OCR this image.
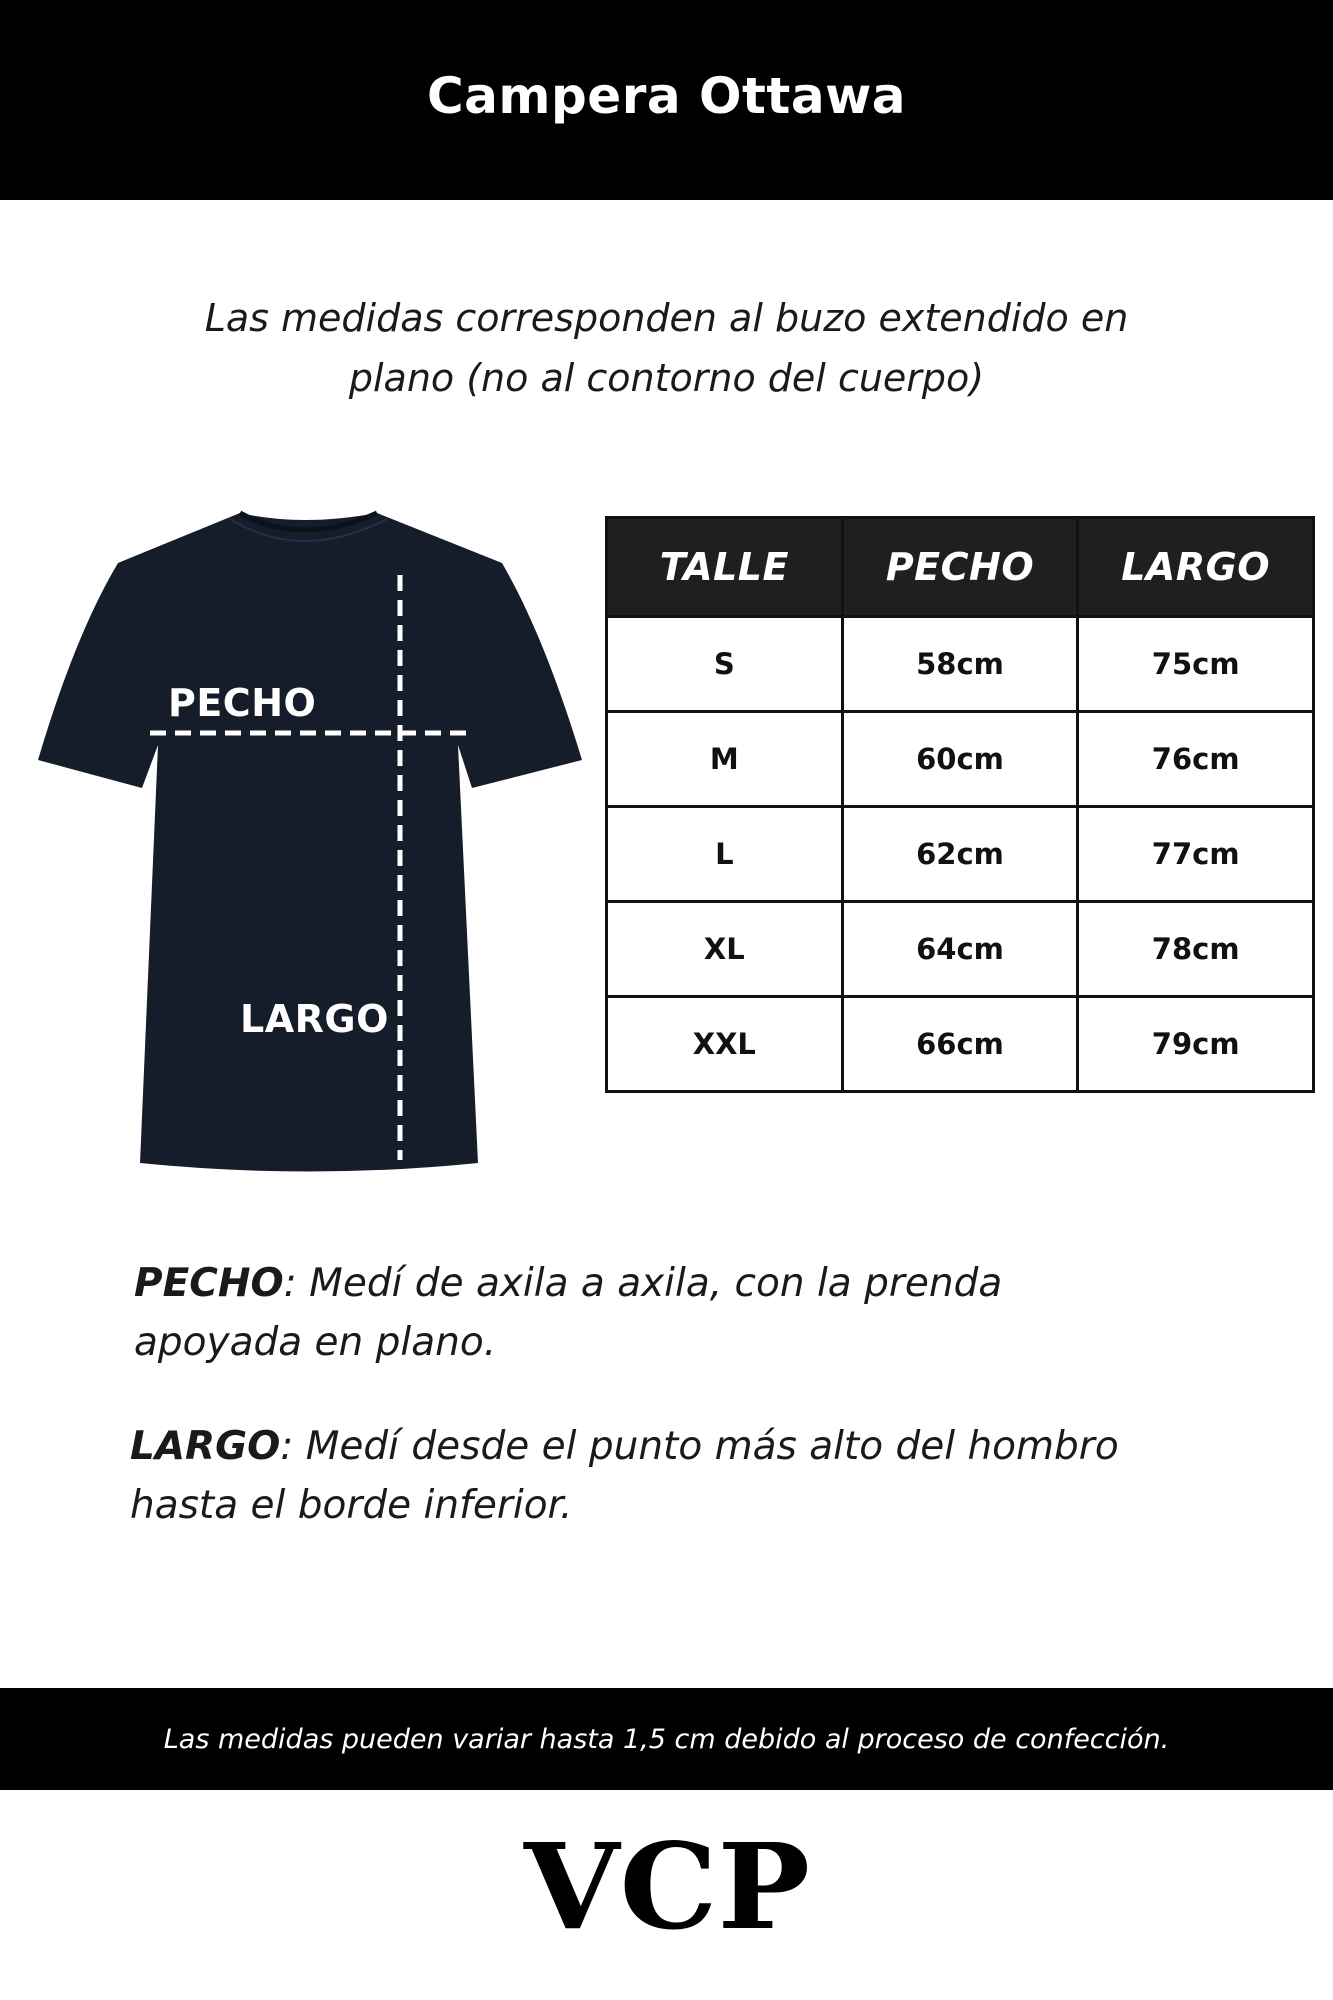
Campera Ottawa
Las medidas corresponden al buzo extendido en
plano (no al contorno del cuerpo)
PECHO
LARGO
TALLE	PECHO	LARGO
S	58cm	75cm
M	60cm	76cm
L	62cm	77cm
XL	64cm	78cm
XXL	66cm	79cm
PECHO: Medí de axila a axila, con la prenda
apoyada en plano.
LARGO: Medí desde el punto más alto del hombro
hasta el borde inferior.
Las medidas pueden variar hasta 1,5 cm debido al proceso de confección.
VCP
